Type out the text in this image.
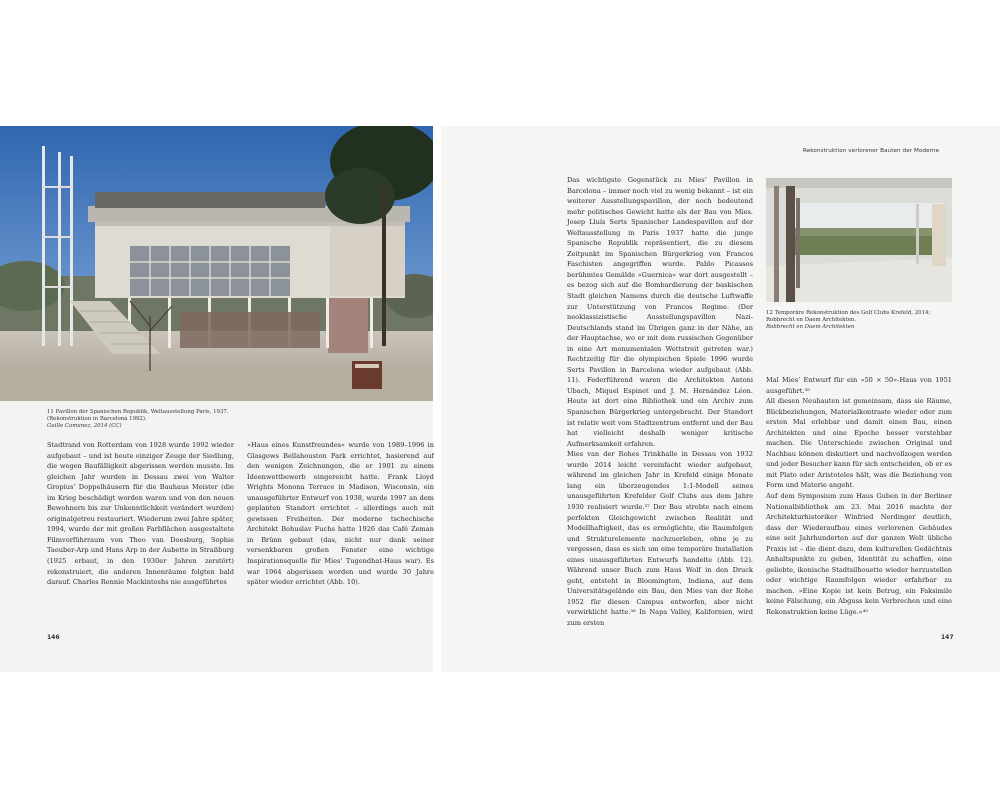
11 Pavillon der Spanischen Republik, Weltausstellung Paris, 1937. (Rekonstruktion in Barcelona 1992).
Guille Camunez, 2014 (CC)

Stadtrand von Rotterdam von 1928 wurde 1992 wieder aufgebaut – und ist heute einziger Zeuge der Siedlung, die wegen Baufälligkeit abgerissen werden musste. Im gleichen Jahr wurden in Dessau zwei von Walter Gropius’ Doppelhäusern für die Bauhaus Meister (die im Krieg beschädigt worden waren und von den neuen Bewohnern bis zur Unkenntlichkeit verändert wurden) originalgetreu restauriert. Wiederum zwei Jahre später, 1994, wurde der mit großen Farbflächen ausgestaltete Filmvorführraum von Theo van Doesburg, Sophie Taeuber-Arp und Hans Arp in der Aubette in Straßburg (1925 erbaut, in den 1930er Jahren zerstört) rekonstruiert, die anderen Innenräume folgten bald darauf. Charles Rennie Mackintoshs nie ausgeführtes

»Haus eines Kunstfreundes« wurde von 1989–1996 in Glasgows Bellahouston Park errichtet, basierend auf den wenigen Zeichnungen, die er 1901 zu einem Ideenwettbewerb eingereicht hatte. Frank Lloyd Wrights Monona Terrace in Madison, Wisconsin, ein unausgeführter Entwurf von 1938, wurde 1997 an dem geplanten Standort errichtet – allerdings auch mit gewissen Freiheiten. Der moderne tschechische Architekt Bohuslav Fuchs hatte 1926 das Café Zeman in Brünn gebaut (das, nicht nur dank seiner versenkbaren großen Fenster eine wichtige Inspirationsquelle für Mies’ Tugendhat-Haus war). Es war 1964 abgerissen worden und wurde 30 Jahre später wieder errichtet (Abb. 10).

146
Rekonstruktion verlorener Bauten der Moderne

Das wichtigste Gegenstück zu Mies’ Pavillon in Barcelona – immer noch viel zu wenig bekannt – ist ein weiterer Ausstellungspavillon, der noch bedeutend mehr politisches Gewicht hatte als der Bau von Mies. Josep Lluís Serts Spanischer Landespavillon auf der Weltausstellung in Paris 1937 hatte die junge Spanische Republik repräsentiert, die zu diesem Zeitpunkt im Spanischen Bürgerkrieg von Francos Faschisten angegriffen wurde. Pablo Picassos berühmtes Gemälde »Guernica« war dort ausgestellt – es bezog sich auf die Bombardierung der baskischen Stadt gleichen Namens durch die deutsche Luftwaffe zur Unterstützung von Francos Regime. (Der neoklassizistische Ausstellungspavillon Nazi-Deutschlands stand im Übrigen ganz in der Nähe, an der Hauptachse, wo er mit dem russischen Gegenüber in eine Art monumentalen Wettstreit getreten war.) Rechtzeitig für die olympischen Spiele 1996 wurde Serts Pavillon in Barcelona wieder aufgebaut (Abb. 11). Federführend waren die Architekten Antoni Ubach, Miquel Espinet und J. M. Hernández Léon. Heute ist dort eine Bibliothek und ein Archiv zum Spanischen Bürgerkrieg untergebracht. Der Standort ist relativ weit vom Stadtzentrum entfernt und der Bau hat vielleicht deshalb weniger kritische Aufmerksamkeit erfahren.

Mies van der Rohes Trinkhalle in Dessau von 1932 wurde 2014 leicht vereinfacht wieder aufgebaut, während im gleichen Jahr in Krefeld einige Monate lang ein überzeugendes 1:1-Modell seines unausgeführten Krefelder Golf Clubs aus dem Jahre 1930 realisiert wurde.³⁷ Der Bau strebte nach einem perfekten Gleichgewicht zwischen Realität und Modellhaftigkeit, das es ermöglichte, die Raumfolgen und Strukturelemente nachzuerleben, ohne je zu vergessen, dass es sich um eine temporäre Installation eines unausgeführten Entwurfs handelte (Abb. 12). Während unser Buch zum Haus Wolf in den Druck geht, entsteht in Bloomington, Indiana, auf dem Universitätsgelände ein Bau, den Mies van der Rohe 1952 für diesen Campus entworfen, aber nicht verwirklicht hatte.³⁸ In Napa Valley, Kalifornien, wird zum ersten

12 Temporäre Rekonstruktion des Golf Clubs Krefeld, 2014; Robbrecht en Daem Architekten.
Robbrecht en Daem Architekten

Mal Mies’ Entwurf für ein »50 × 50«-Haus von 1951 ausgeführt.³⁹

All diesen Neubauten ist gemeinsam, dass sie Räume, Blickbeziehungen, Materialkontraste wieder oder zum ersten Mal erlebbar und damit einen Bau, einen Architekten und eine Epoche besser verstehbar machen. Die Unterschiede zwischen Original und Nachbau können diskutiert und nachvollzogen werden und jeder Besucher kann für sich entscheiden, ob er es mit Plato oder Aristoteles hält, was die Beziehung von Form und Materie angeht.

Auf dem Symposium zum Haus Guben in der Berliner Nationalbibliothek am 23. Mai 2016 machte der Architekturhistoriker Winfried Nerdinger deutlich, dass der Wiederaufbau eines verlorenen Gebäudes eine seit Jahrhunderten auf der ganzen Welt übliche Praxis ist – die dient dazu, dem kulturellen Gedächtnis Anhaltspunkte zu geben, Identität zu schaffen, eine geliebte, ikonische Stadtsilhouette wieder herzustellen oder wichtige Raumfolgen wieder erfahrbar zu machen. »Eine Kopie ist kein Betrug, ein Faksimile keine Fälschung, ein Abguss kein Verbrechen und eine Rekonstruktion keine Lüge.«⁴⁰

147
